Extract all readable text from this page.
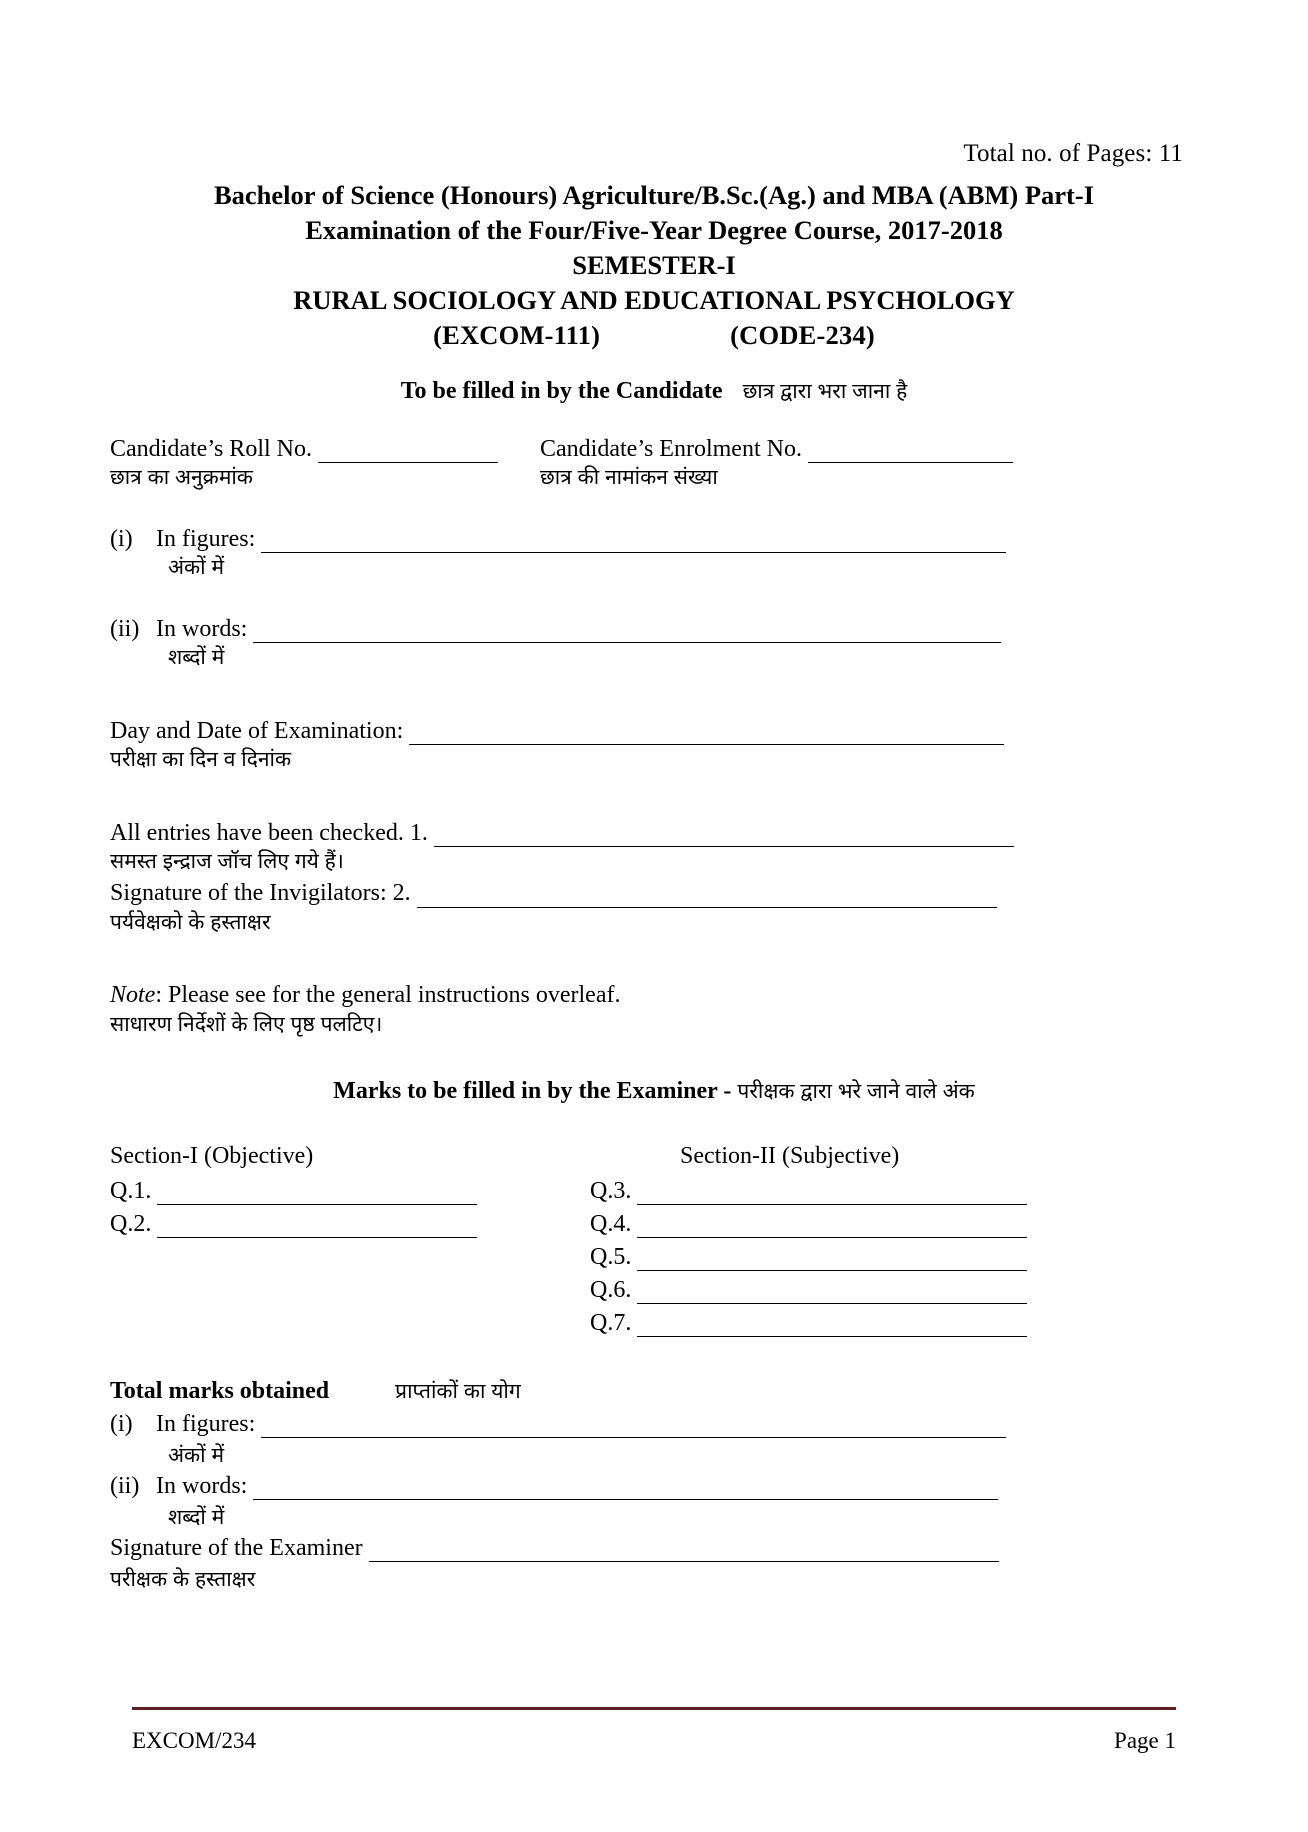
Total no. of Pages: 11
Bachelor of Science (Honours) Agriculture/B.Sc.(Ag.) and MBA (ABM) Part-I
Examination of the Four/Five-Year Degree Course, 2017-2018
SEMESTER-I
RURAL SOCIOLOGY AND EDUCATIONAL PSYCHOLOGY
(EXCOM-111)	(CODE-234)
To be filled in by the Candidate छात्र द्वारा भरा जाना है
Candidate’s Roll No.
छात्र का अनुक्रमांक
Candidate’s Enrolment No.
छात्र की नामांकन संख्या
(i) In figures:
अंकों में
(ii) In words:
शब्दों में
Day and Date of Examination:
परीक्षा का दिन व दिनांक
All entries have been checked. 1.
समस्त इन्द्राज जॉच लिए गये हैं।
Signature of the Invigilators: 2.
पर्यवेक्षको के हस्ताक्षर
Note: Please see for the general instructions overleaf.
साधारण निर्देशों के लिए पृष्ठ पलटिए।
Marks to be filled in by the Examiner - परीक्षक द्वारा भरे जाने वाले अंक
Section-I (Objective)
Q.1.
Q.2.
Section-II (Subjective)
Q.3.
Q.4.
Q.5.
Q.6.
Q.7.
Total marks obtained	प्राप्तांकों का योग
(i) In figures:
अंकों में
(ii) In words:
शब्दों में
Signature of the Examiner
परीक्षक के हस्ताक्षर
EXCOM/234	Page 1
